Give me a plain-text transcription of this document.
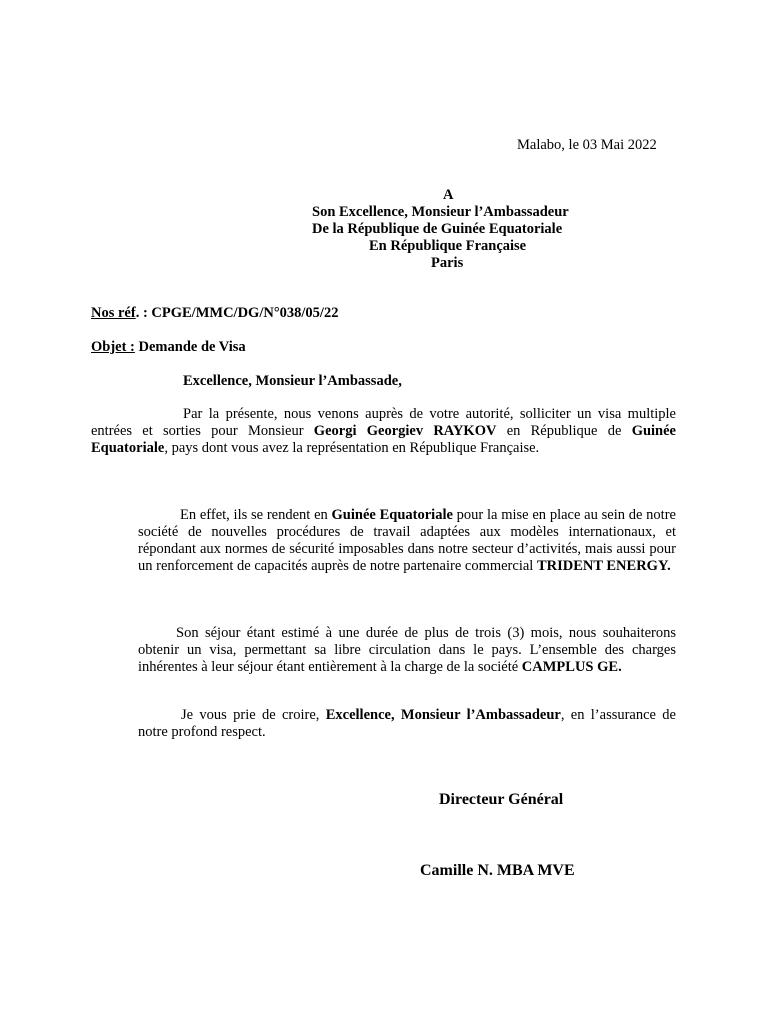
Malabo, le 03 Mai 2022
A
Son Excellence, Monsieur l’Ambassadeur
De la République de Guinée Equatoriale
En République Française
Paris
Nos réf. : CPGE/MMC/DG/N°038/05/22
Objet : Demande de Visa
Excellence, Monsieur l’Ambassade,
Par la présente, nous venons auprès de votre autorité, solliciter un visa multiple entrées et sorties pour Monsieur Georgi Georgiev RAYKOV en République de Guinée Equatoriale, pays dont vous avez la représentation en République Française.
En effet, ils se rendent en Guinée Equatoriale pour la mise en place au sein de notre société de nouvelles procédures de travail adaptées aux modèles internationaux, et répondant aux normes de sécurité imposables dans notre secteur d’activités, mais aussi pour un renforcement de capacités auprès de notre partenaire commercial TRIDENT ENERGY.
Son séjour étant estimé à une durée de plus de trois (3) mois, nous souhaiterons obtenir un visa, permettant sa libre circulation dans le pays. L’ensemble des charges inhérentes à leur séjour étant entièrement à la charge de la société CAMPLUS GE.
Je vous prie de croire, Excellence, Monsieur l’Ambassadeur, en l’assurance de notre profond respect.
Directeur Général
Camille N. MBA MVE
